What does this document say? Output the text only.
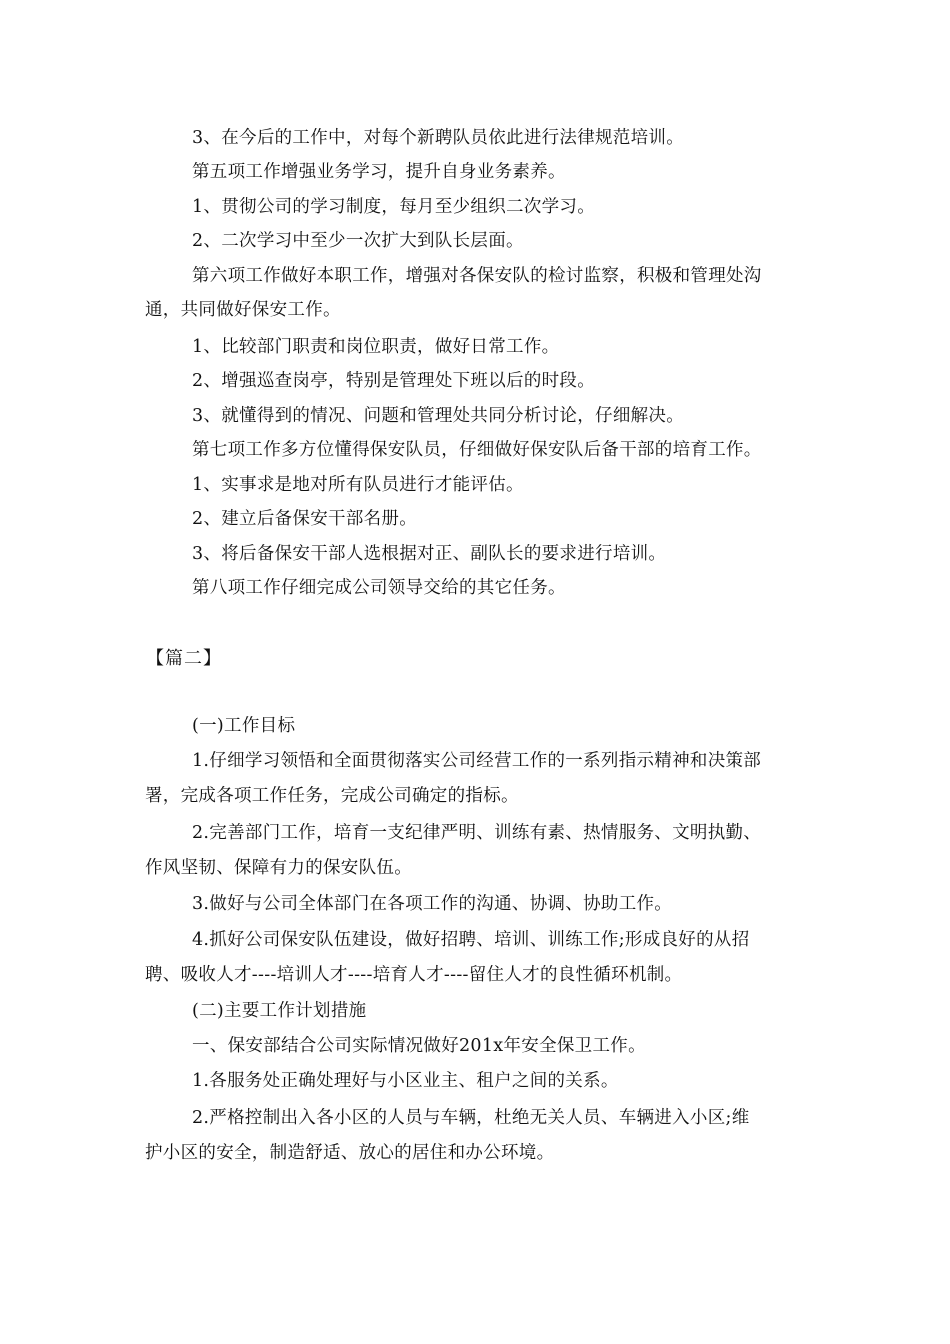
3、在今后的工作中，对每个新聘队员依此进行法律规范培训。
第五项工作增强业务学习，提升自身业务素养。
1、贯彻公司的学习制度，每月至少组织二次学习。
2、二次学习中至少一次扩大到队长层面。
第六项工作做好本职工作，增强对各保安队的检讨监察，积极和管理处沟
通，共同做好保安工作。
1、比较部门职责和岗位职责，做好日常工作。
2、增强巡查岗亭，特别是管理处下班以后的时段。
3、就懂得到的情况、问题和管理处共同分析讨论，仔细解决。
第七项工作多方位懂得保安队员，仔细做好保安队后备干部的培育工作。
1、实事求是地对所有队员进行才能评估。
2、建立后备保安干部名册。
3、将后备保安干部人选根据对正、副队长的要求进行培训。
第八项工作仔细完成公司领导交给的其它任务。
【篇二】
(一)工作目标
1.仔细学习领悟和全面贯彻落实公司经营工作的一系列指示精神和决策部
署，完成各项工作任务，完成公司确定的指标。
2.完善部门工作，培育一支纪律严明、训练有素、热情服务、文明执勤、
作风坚韧、保障有力的保安队伍。
3.做好与公司全体部门在各项工作的沟通、协调、协助工作。
4.抓好公司保安队伍建设，做好招聘、培训、训练工作;形成良好的从招
聘、吸收人才----培训人才----培育人才----留住人才的良性循环机制。
(二)主要工作计划措施
一、保安部结合公司实际情况做好201x年安全保卫工作。
1.各服务处正确处理好与小区业主、租户之间的关系。
2.严格控制出入各小区的人员与车辆，杜绝无关人员、车辆进入小区;维
护小区的安全，制造舒适、放心的居住和办公环境。
